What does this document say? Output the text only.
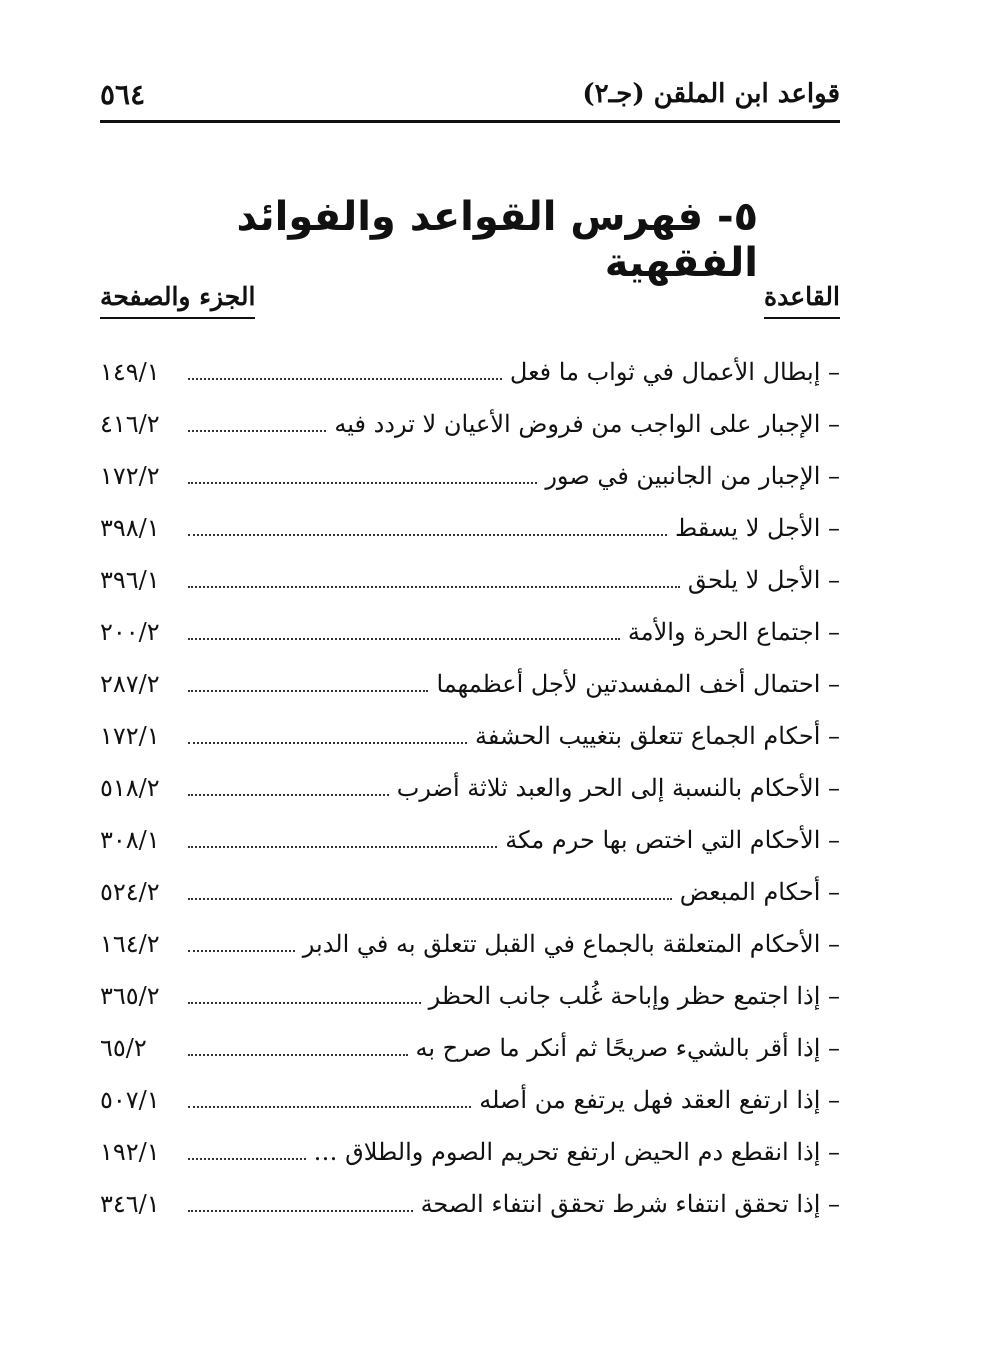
قواعد ابن الملقن (جـ٢)
٥٦٤
٥- فهرس القواعد والفوائد الفقهية
القاعدة
الجزء والصفحة
– إبطال الأعمال في ثواب ما فعل
١٤٩/١
– الإجبار على الواجب من فروض الأعيان لا تردد فيه
٤١٦/٢
– الإجبار من الجانبين في صور
١٧٢/٢
– الأجل لا يسقط
٣٩٨/١
– الأجل لا يلحق
٣٩٦/١
– اجتماع الحرة والأمة
٢٠٠/٢
– احتمال أخف المفسدتين لأجل أعظمهما
٢٨٧/٢
– أحكام الجماع تتعلق بتغييب الحشفة
١٧٢/١
– الأحكام بالنسبة إلى الحر والعبد ثلاثة أضرب
٥١٨/٢
– الأحكام التي اختص بها حرم مكة
٣٠٨/١
– أحكام المبعض
٥٢٤/٢
– الأحكام المتعلقة بالجماع في القبل تتعلق به في الدبر
١٦٤/٢
– إذا اجتمع حظر وإباحة غُلب جانب الحظر
٣٦٥/٢
– إذا أقر بالشيء صريحًا ثم أنكر ما صرح به
٦٥/٢
– إذا ارتفع العقد فهل يرتفع من أصله
٥٠٧/١
– إذا انقطع دم الحيض ارتفع تحريم الصوم والطلاق …
١٩٢/١
– إذا تحقق انتفاء شرط تحقق انتفاء الصحة
٣٤٦/١
